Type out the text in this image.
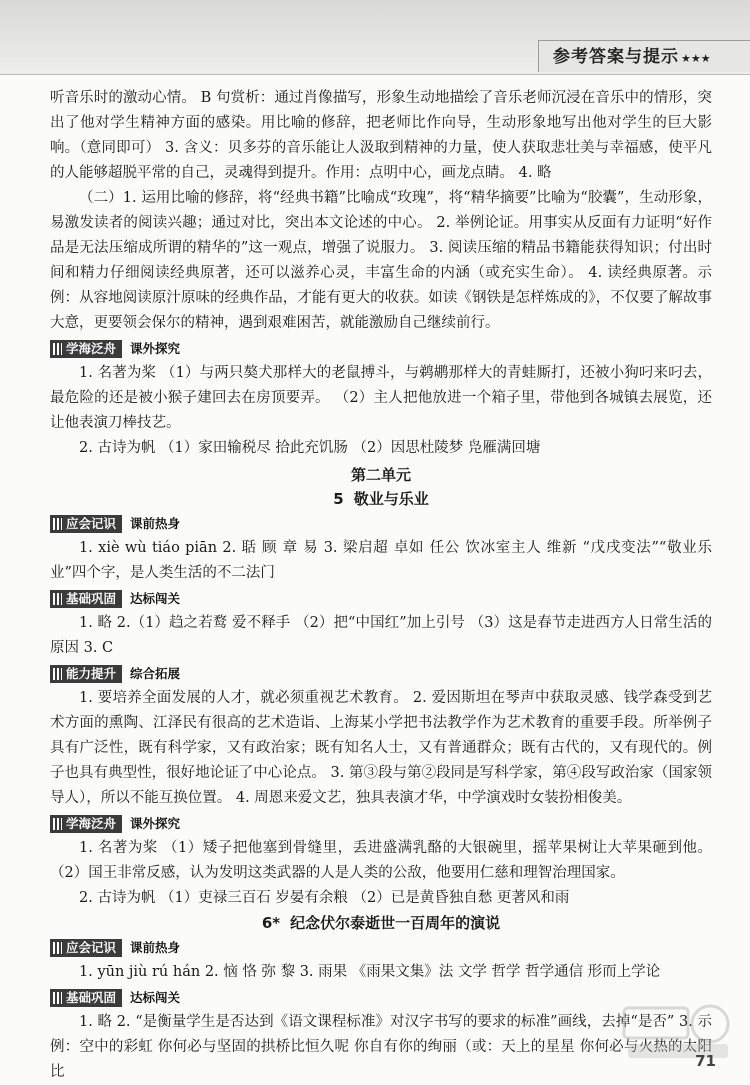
参考答案与提示 ★★★

听音乐时的激动心情。 B 句赏析：通过肖像描写，形象生动地描绘了音乐老师沉浸在音乐中的情形，突出了他对学生精神方面的感染。用比喻的修辞，把老师比作向导，生动形象地写出他对学生的巨大影响。（意同即可） 3. 含义：贝多芬的音乐能让人汲取到精神的力量，使人获取悲壮美与幸福感，使平凡的人能够超脱平常的自己，灵魂得到提升。作用：点明中心，画龙点睛。 4. 略

（二）1. 运用比喻的修辞，将“经典书籍”比喻成“玫瑰”，将“精华摘要”比喻为“胶囊”，生动形象，易激发读者的阅读兴趣；通过对比，突出本文论述的中心。 2. 举例论证。用事实从反面有力证明“好作品是无法压缩成所谓的精华的”这一观点，增强了说服力。 3. 阅读压缩的精品书籍能获得知识；付出时间和精力仔细阅读经典原著，还可以滋养心灵，丰富生命的内涵（或充实生命）。 4. 读经典原著。示例：从容地阅读原汁原味的经典作品，才能有更大的收获。如读《钢铁是怎样炼成的》，不仅要了解故事大意，更要领会保尔的精神，遇到艰难困苦，就能激励自己继续前行。

学海泛舟	课外探究

1. 名著为桨 （1）与两只獒犬那样大的老鼠搏斗，与鹈鹕那样大的青蛙厮打，还被小狗叼来叼去，最危险的还是被小猴子建回去在房顶要弄。 （2）主人把他放进一个箱子里，带他到各城镇去展览，还让他表演刀棒技艺。

2. 古诗为帆 （1）家田输税尽 拾此充饥肠 （2）因思杜陵梦 凫雁满回塘

第二单元
5 敬业与乐业
应会记识	课前热身

1. xiè wù tiáo piān 2. 聒 顾 章 易 3. 梁启超 卓如 任公 饮冰室主人 维新 “戊戌变法”“敬业乐业”四个字，是人类生活的不二法门

基础巩固	达标闯关

1. 略 2.（1）趋之若鹜 爱不释手 （2）把“中国红”加上引号 （3）这是春节走进西方人日常生活的原因 3. C

能力提升	综合拓展

1. 要培养全面发展的人才，就必须重视艺术教育。 2. 爱因斯坦在琴声中获取灵感、钱学森受到艺术方面的熏陶、江泽民有很高的艺术造诣、上海某小学把书法教学作为艺术教育的重要手段。所举例子具有广泛性，既有科学家，又有政治家；既有知名人士，又有普通群众；既有古代的，又有现代的。例子也具有典型性，很好地论证了中心论点。 3. 第③段与第②段同是写科学家，第④段写政治家（国家领导人），所以不能互换位置。 4. 周恩来爱文艺，独具表演才华，中学演戏时女装扮相俊美。

学海泛舟	课外探究

1. 名著为桨 （1）矮子把他塞到骨缝里，丢进盛满乳酪的大银碗里，摇苹果树让大苹果砸到他。 （2）国王非常反感，认为发明这类武器的人是人类的公敌，他要用仁慈和理智治理国家。

2. 古诗为帆 （1）吏禄三百石 岁晏有余粮 （2）已是黄昏独自愁 更著风和雨

6* 纪念伏尔泰逝世一百周年的演说
应会记识	课前热身

1. yūn jiù rú hán 2. 恼 恪 弥 黎 3. 雨果 《雨果文集》法 文学 哲学 哲学通信 形而上学论

基础巩固	达标闯关

1. 略 2. “是衡量学生是否达到《语文课程标准》对汉字书写的要求的标准”画线，去掉“是否” 3. 示例：空中的彩虹 你何必与坚固的拱桥比恒久呢 你自有你的绚丽（或：天上的星星 你何必与火热的太阳比

71
